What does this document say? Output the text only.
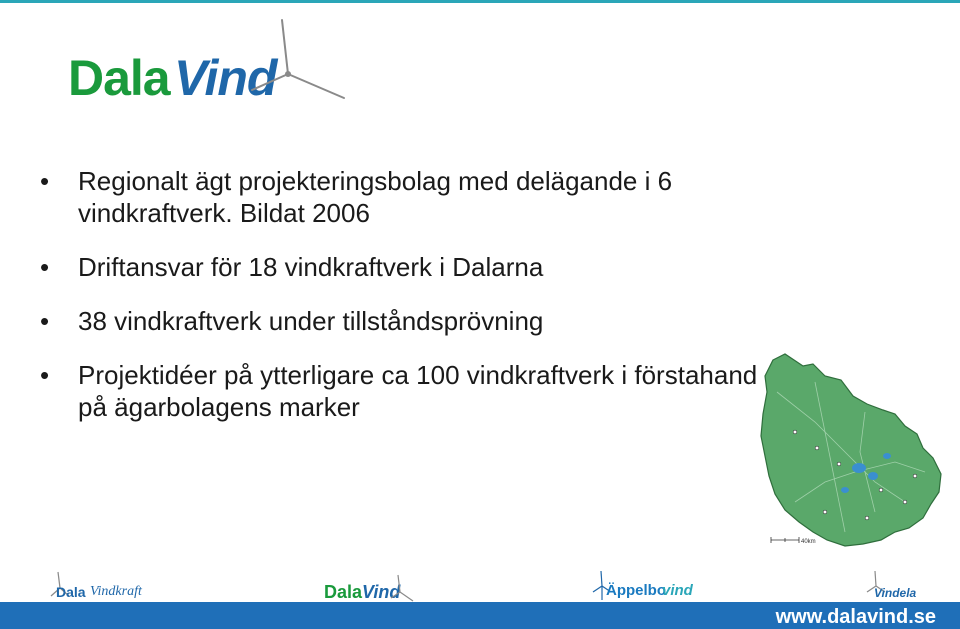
Dala Vind
• Regionalt ägt projekteringsbolag med delägande i 6 vindkraftverk. Bildat 2006
• Driftansvar för 18 vindkraftverk i Dalarna
• 38 vindkraftverk under tillståndsprövning
• Projektidéer på ytterligare ca 100 vindkraftverk i förstahand på ägarbolagens marker
40km
Dala Vindkraft	Dala Vind	Äppelbo
vind	Vindela
www.dalavind.se
